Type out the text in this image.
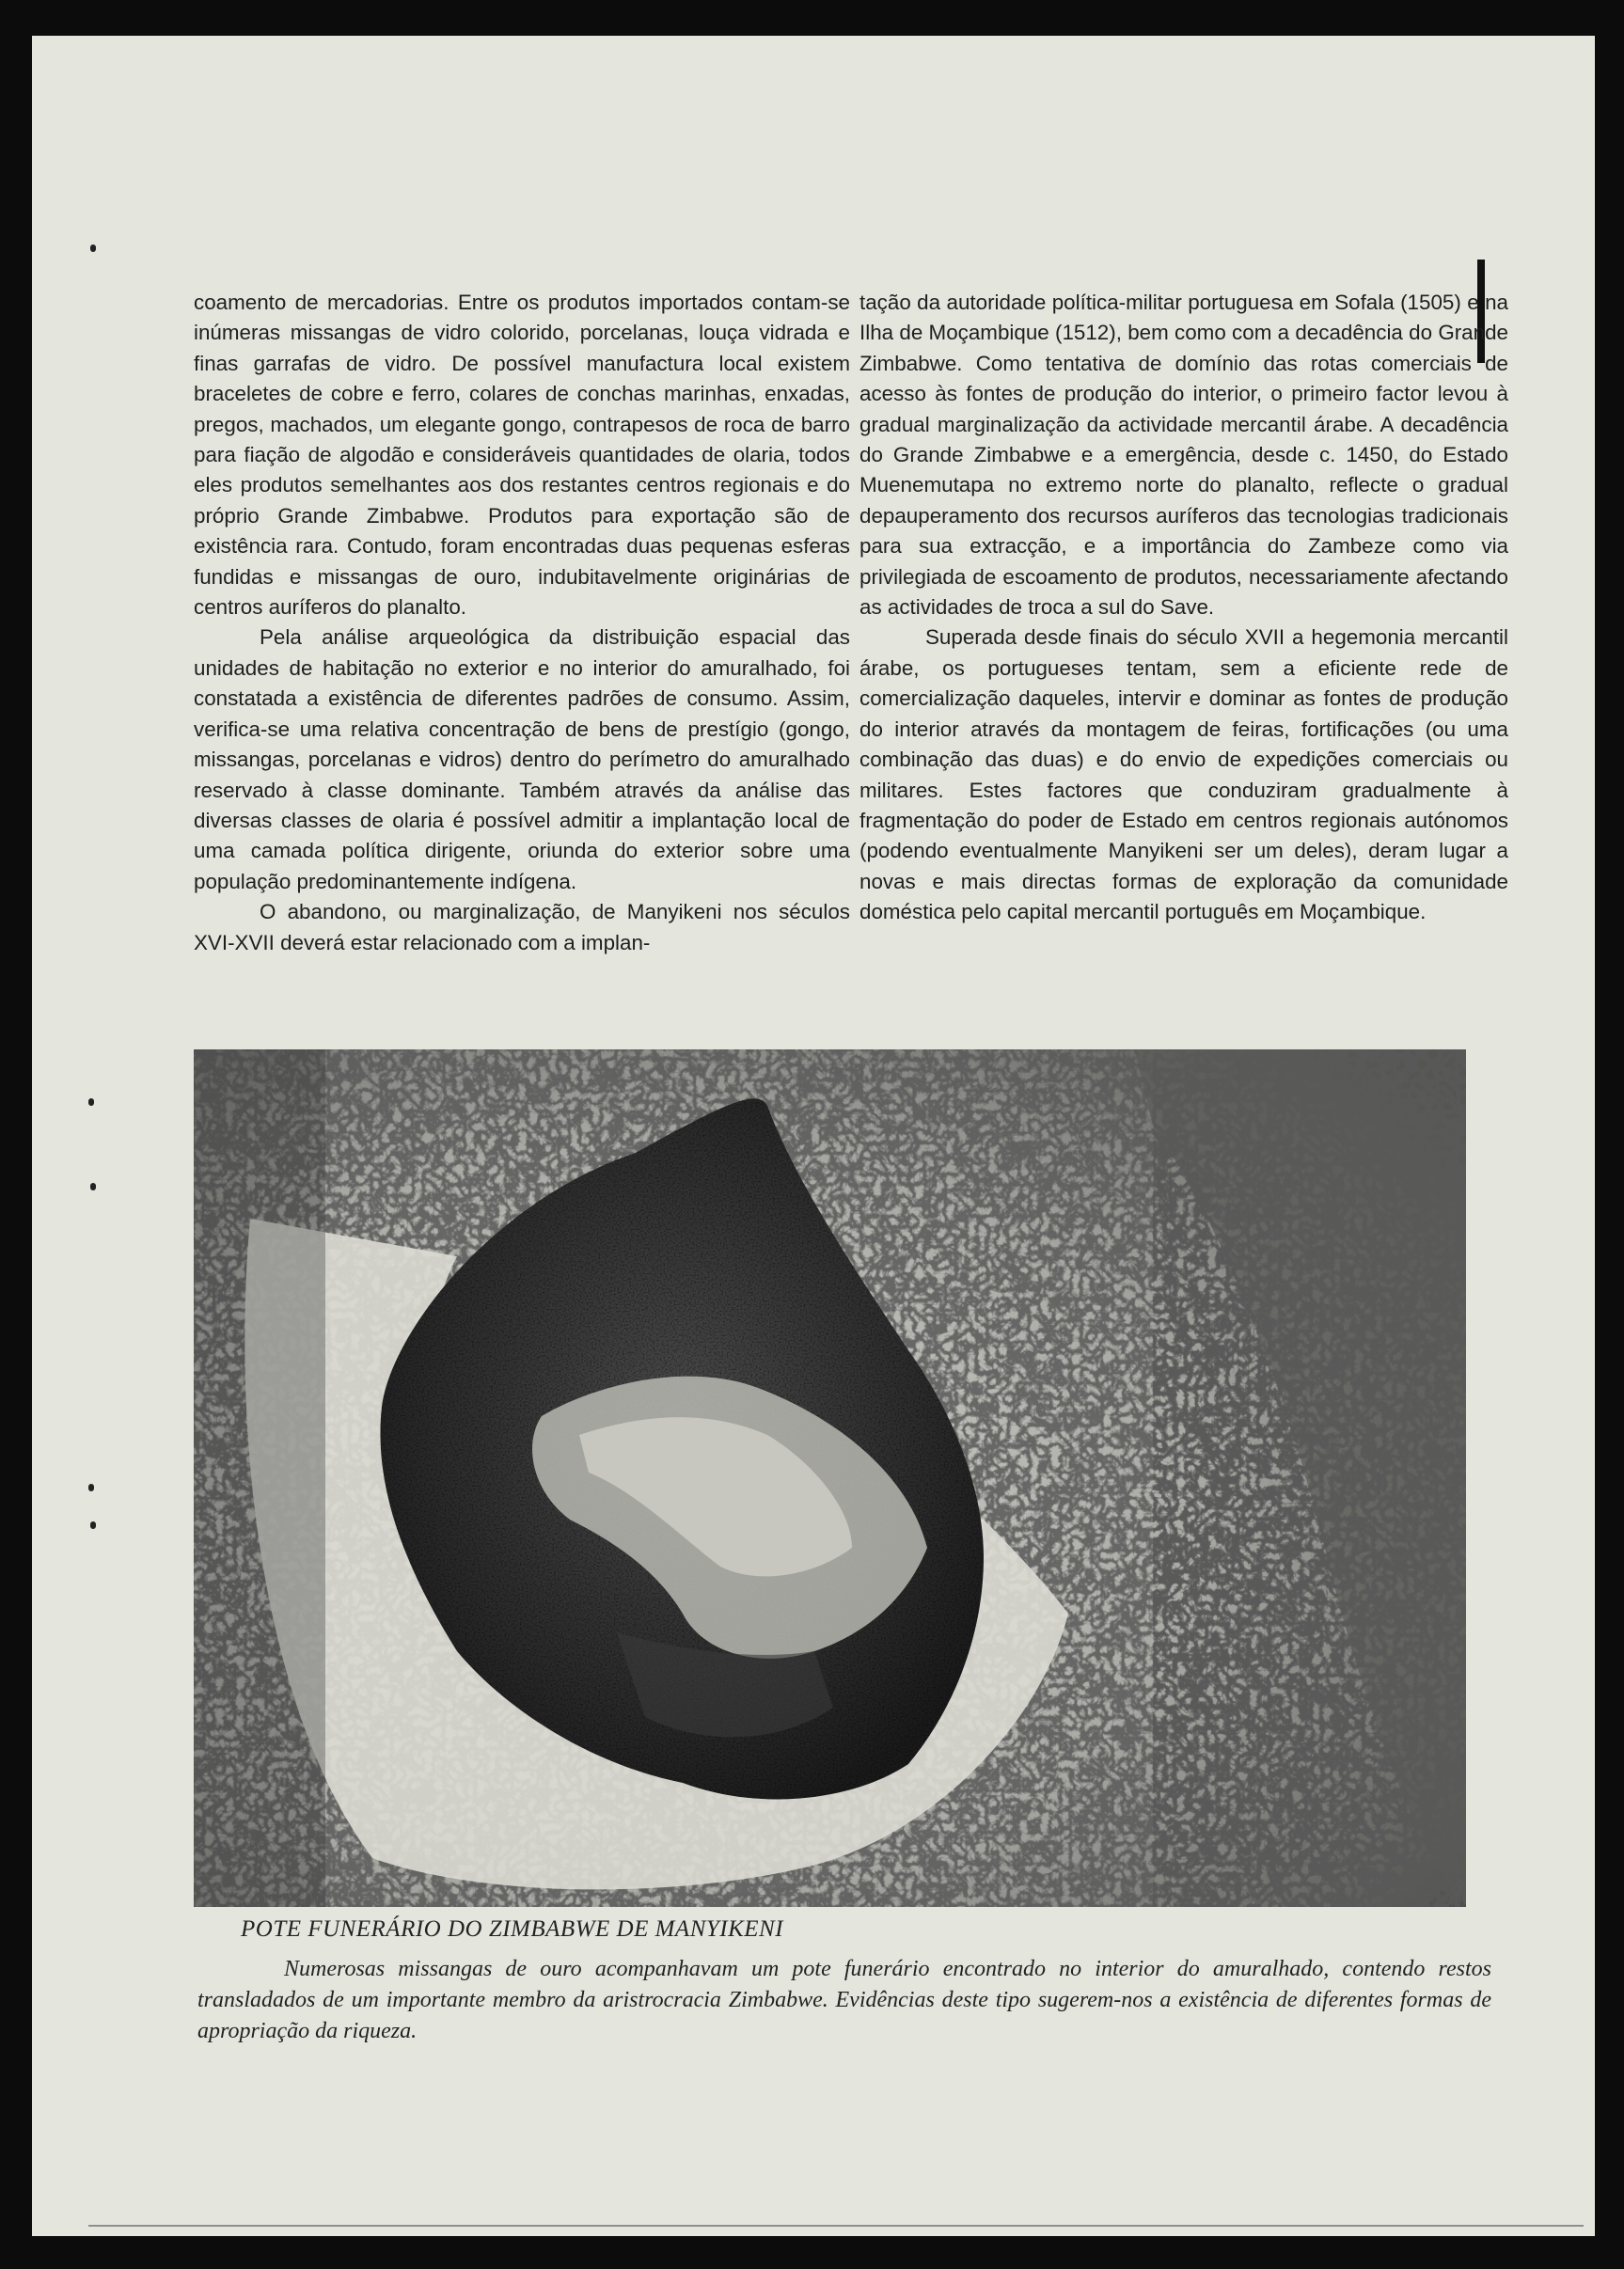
coamento de mercadorias. Entre os produtos importados contam-se inúmeras missangas de vidro colorido, porcelanas, louça vidrada e finas garrafas de vidro. De possível manufactura local existem braceletes de cobre e ferro, colares de conchas marinhas, enxadas, pregos, machados, um elegante gongo, contrapesos de roca de barro para fiação de algodão e consideráveis quantidades de olaria, todos eles produtos semelhantes aos dos restantes centros regionais e do próprio Grande Zimbabwe. Produtos para exportação são de existência rara. Contudo, foram encontradas duas pequenas esferas fundidas e missangas de ouro, indubitavelmente originárias de centros auríferos do planalto.

Pela análise arqueológica da distribuição espacial das unidades de habitação no exterior e no interior do amuralhado, foi constatada a existência de diferentes padrões de consumo. Assim, verifica-se uma relativa concentração de bens de prestígio (gongo, missangas, porcelanas e vidros) dentro do perímetro do amuralhado reservado à classe dominante. Também através da análise das diversas classes de olaria é possível admitir a implantação local de uma camada política dirigente, oriunda do exterior sobre uma população predominantemente indígena.

O abandono, ou marginalização, de Manyikeni nos séculos XVI-XVII deverá estar relacionado com a implan-

tação da autoridade política-militar portuguesa em Sofala (1505) e na Ilha de Moçambique (1512), bem como com a decadência do Grande Zimbabwe. Como tentativa de domínio das rotas comerciais de acesso às fontes de produção do interior, o primeiro factor levou à gradual marginalização da actividade mercantil árabe. A decadência do Grande Zimbabwe e a emergência, desde c. 1450, do Estado Muenemutapa no extremo norte do planalto, reflecte o gradual depauperamento dos recursos auríferos das tecnologias tradicionais para sua extracção, e a importância do Zambeze como via privilegiada de escoamento de produtos, necessariamente afectando as actividades de troca a sul do Save.

Superada desde finais do século XVII a hegemonia mercantil árabe, os portugueses tentam, sem a eficiente rede de comercialização daqueles, intervir e dominar as fontes de produção do interior através da montagem de feiras, fortificações (ou uma combinação das duas) e do envio de expedições comerciais ou militares. Estes factores que conduziram gradualmente à fragmentação do poder de Estado em centros regionais autónomos (podendo eventualmente Manyikeni ser um deles), deram lugar a novas e mais directas formas de exploração da comunidade doméstica pelo capital mercantil português em Moçambique.

POTE FUNERÁRIO DO ZIMBABWE DE MANYIKENI
Numerosas missangas de ouro acompanhavam um pote funerário encontrado no interior do amuralhado, contendo restos transladados de um importante membro da aristrocracia Zimbabwe. Evidências deste tipo sugerem-nos a existência de diferentes formas de apropriação da riqueza.
